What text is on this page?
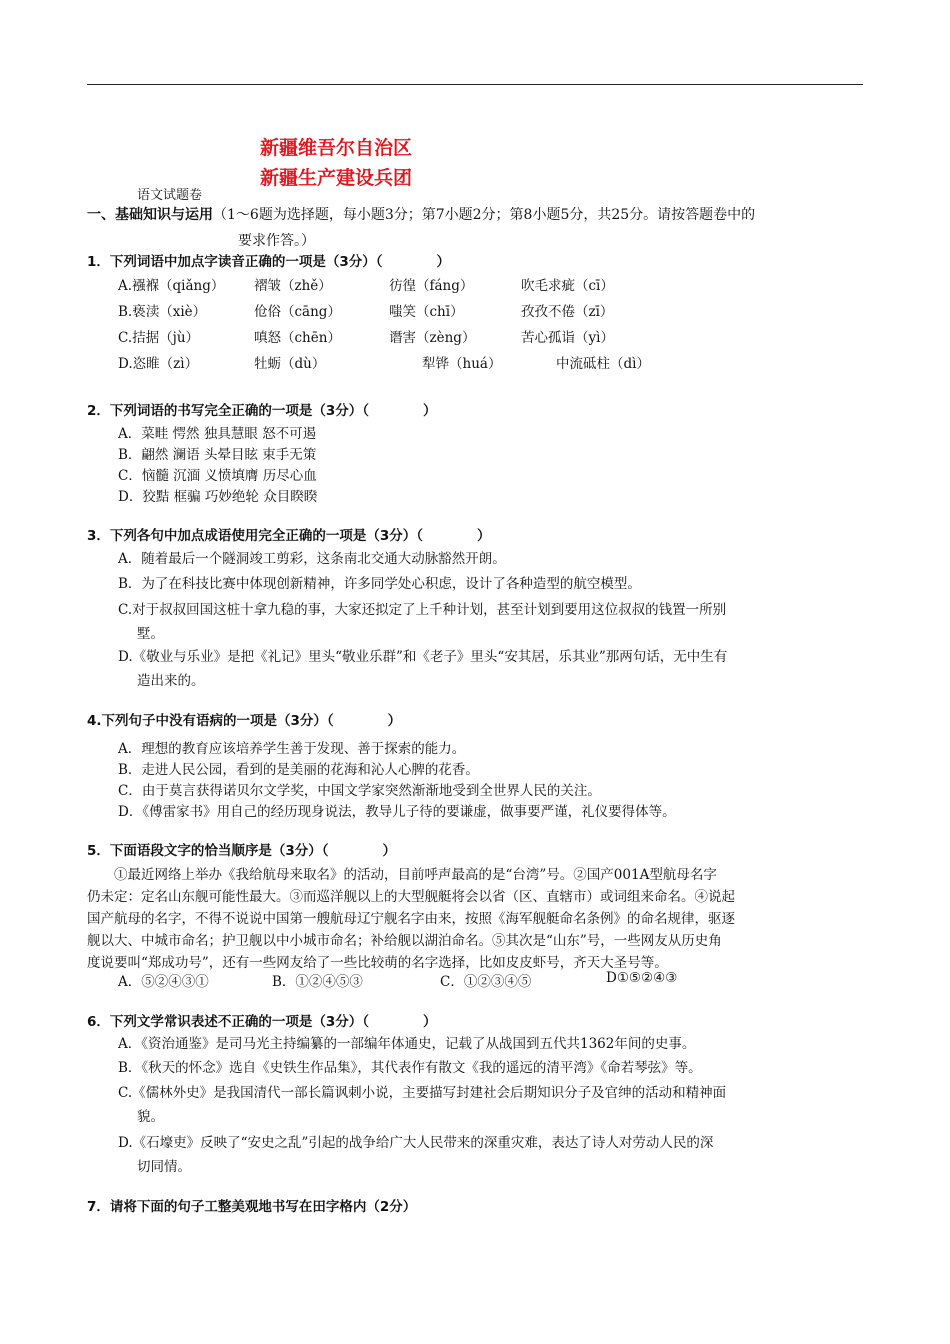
新疆维吾尔自治区
新疆生产建设兵团
语文试题卷
一、基础知识与运用（1～6题为选择题，每小题3分；第7小题2分；第8小题5分，共25分。请按答题卷中的
要求作答。）
1．下列词语中加点字读音正确的一项是（3分）（　　　　）
A.襁褓（qiǎng） 褶皱（zhě）	彷徨（fáng）	吹毛求疵（cī）
B.亵渎（xiè）	伧俗（cāng）	嗤笑（chī）	孜孜不倦（zī）
C.拮据（jù）	嗔怒（chēn）	谮害（zèng）	苦心孤诣（yì）
D.恣睢（zì）	牡蛎（dù）	犁铧（huá）	中流砥柱（dì）
2．下列词语的书写完全正确的一项是（3分）（　　　　）
A．菜畦 愕然 独具慧眼 怒不可遏
B．翩然 澜语 头晕目眩 束手无策
C．恼髓 沉湎 义愤填膺 历尽心血
D．狡黠 框骗 巧妙绝轮 众目睽睽
3．下列各句中加点成语使用完全正确的一项是（3分）（　　　　）
A．随着最后一个隧洞竣工剪彩，这条南北交通大动脉豁然开朗。
B．为了在科技比赛中体现创新精神，许多同学处心积虑，设计了各种造型的航空模型。
C.对于叔叔回国这桩十拿九稳的事，大家还拟定了上千种计划，甚至计划到要用这位叔叔的钱置一所别
墅。
D.《敬业与乐业》是把《礼记》里头“敬业乐群”和《老子》里头“安其居，乐其业”那两句话，无中生有
造出来的。
4.下列句子中没有语病的一项是（3分）（　　　　）
A．理想的教育应该培养学生善于发现、善于探索的能力。
B．走进人民公园，看到的是美丽的花海和沁人心脾的花香。
C．由于莫言获得诺贝尔文学奖，中国文学家突然渐渐地受到全世界人民的关注。
D．《傅雷家书》用自己的经历现身说法，教导儿子待的要谦虚，做事要严谨，礼仪要得体等。
5．下面语段文字的恰当顺序是（3分）（　　　　）
　　①最近网络上举办《我给航母来取名》的活动，目前呼声最高的是“台湾”号。②国产001A型航母名字
仍未定：定名山东舰可能性最大。③而巡洋舰以上的大型舰艇将会以省（区、直辖市）或词组来命名。④说起
国产航母的名字，不得不说说中国第一艘航母辽宁舰名字由来，按照《海军舰艇命名条例》的命名规律，驱逐
舰以大、中城市命名；护卫舰以中小城市命名；补给舰以湖泊命名。⑤其次是“山东”号，一些网友从历史角
度说要叫“郑成功号”，还有一些网友给了一些比较萌的名字选择，比如皮皮虾号，齐天大圣号等。
A．⑤②④③①	B．①②④⑤③	C．①②③④⑤	D①⑤②④③
6．下列文学常识表述不正确的一项是（3分）（　　　　）
A．《资治通鉴》是司马光主持编纂的一部编年体通史，记载了从战国到五代共1362年间的史事。
B．《秋天的怀念》选自《史铁生作品集》，其代表作有散文《我的遥远的清平湾》《命若琴弦》等。
C.《儒林外史》是我国清代一部长篇讽刺小说，主要描写封建社会后期知识分子及官绅的活动和精神面
貌。
D.《石壕吏》反映了“安史之乱”引起的战争给广大人民带来的深重灾难，表达了诗人对劳动人民的深
切同情。
7．请将下面的句子工整美观地书写在田字格内（2分）
